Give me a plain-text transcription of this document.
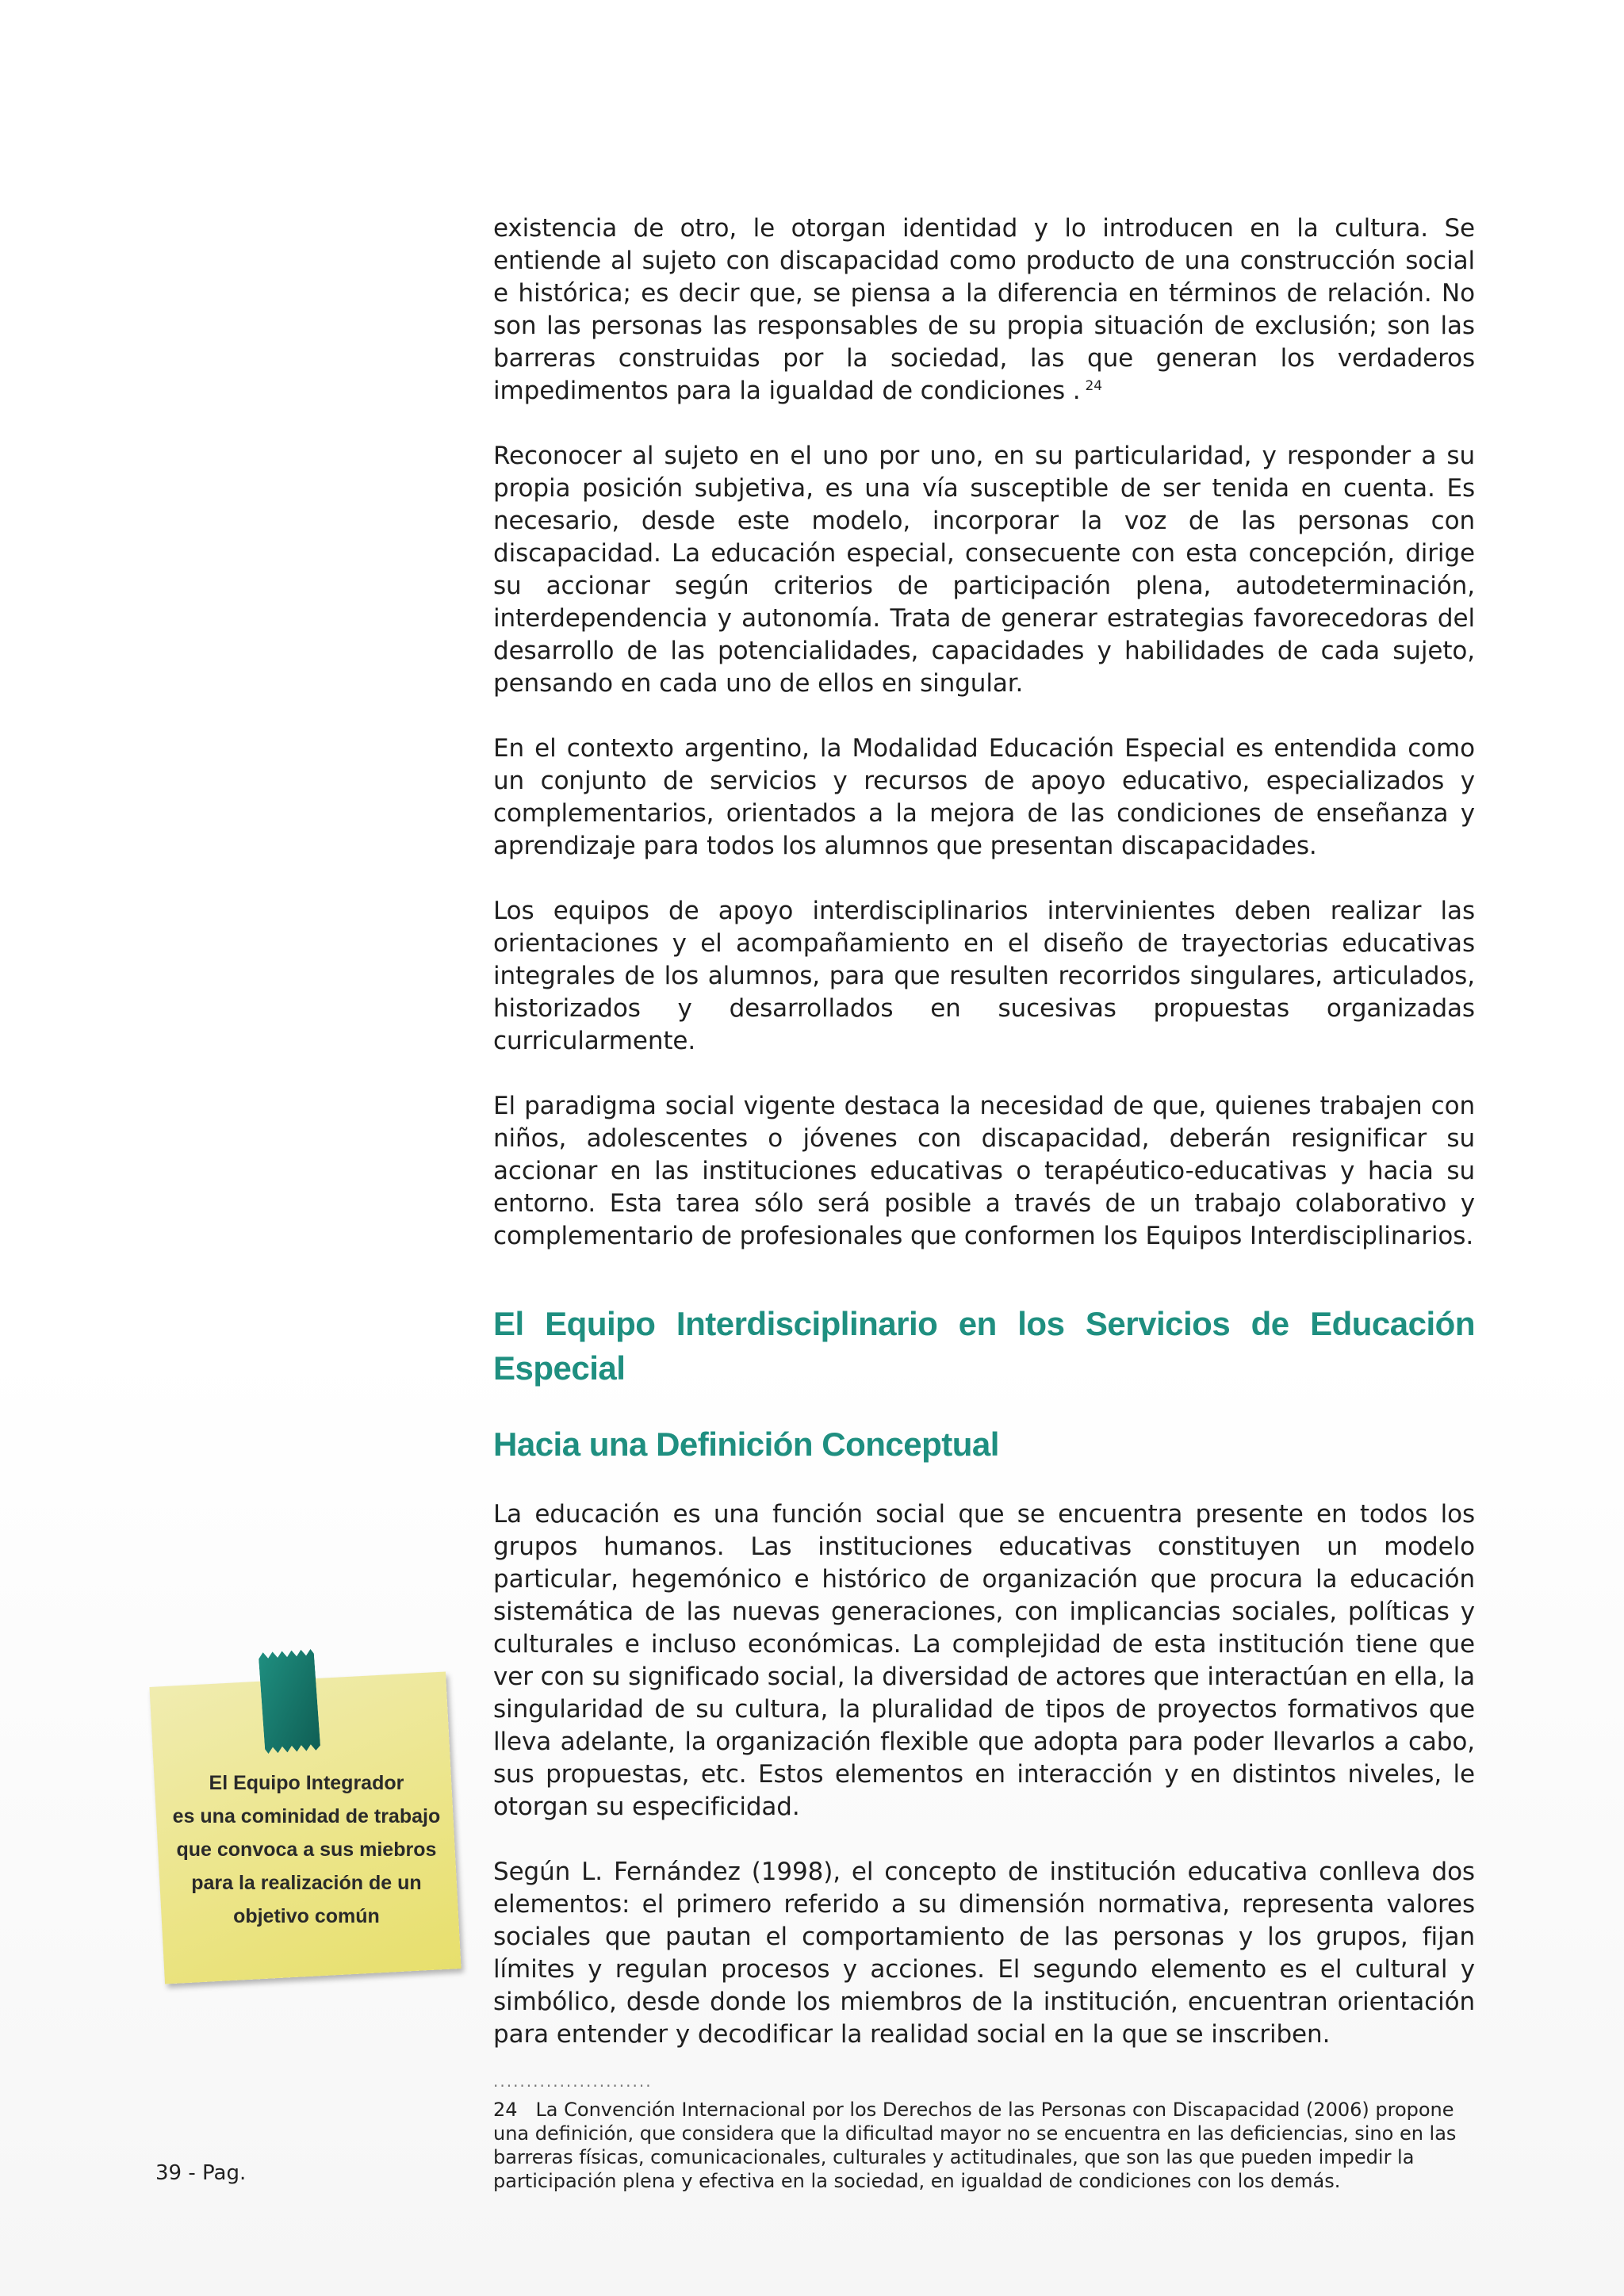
existencia de otro, le otorgan identidad y lo introducen en la cultura. Se entiende al sujeto con discapacidad como producto de una construcción social e histórica; es decir que, se piensa a la diferencia en términos de relación. No son las personas las responsables de su propia situación de exclusión; son las barreras construidas por la sociedad, las que generan los verdaderos impedimentos para la igualdad de condiciones . $^{24}$

Reconocer al sujeto en el uno por uno, en su particularidad, y responder a su propia posición subjetiva, es una vía susceptible de ser tenida en cuenta. Es necesario, desde este modelo, incorporar la voz de las personas con discapacidad. La educación especial, consecuente con esta concepción, dirige su accionar según criterios de participación plena, autodeterminación, interdependencia y autonomía. Trata de generar estrategias favorecedoras del desarrollo de las potencialidades, capacidades y habilidades de cada sujeto, pensando en cada uno de ellos en singular.

En el contexto argentino, la Modalidad Educación Especial es entendida como un conjunto de servicios y recursos de apoyo educativo, especializados y complementarios, orientados a la mejora de las condiciones de enseñanza y aprendizaje para todos los alumnos que presentan discapacidades.

Los equipos de apoyo interdisciplinarios intervinientes deben realizar las orientaciones y el acompañamiento en el diseño de trayectorias educativas integrales de los alumnos, para que resulten recorridos singulares, articulados, historizados y desarrollados en sucesivas propuestas organizadas curricularmente.

El paradigma social vigente destaca la necesidad de que, quienes trabajen con niños, adolescentes o jóvenes con discapacidad, deberán resignificar su accionar en las instituciones educativas o terapéutico-educativas y hacia su entorno. Esta tarea sólo será posible a través de un trabajo colaborativo y complementario de profesionales que conformen los Equipos Interdisciplinarios.

El Equipo Interdisciplinario en los Servicios de Educación Especial
Hacia una Definición Conceptual

La educación es una función social que se encuentra presente en todos los grupos humanos. Las instituciones educativas constituyen un modelo particular, hegemónico e histórico de organización que procura la educación sistemática de las nuevas generaciones, con implicancias sociales, políticas y culturales e incluso económicas. La complejidad de esta institución tiene que ver con su significado social, la diversidad de actores que interactúan en ella, la singularidad de su cultura, la pluralidad de tipos de proyectos formativos que lleva adelante, la organización flexible que adopta para poder llevarlos a cabo, sus propuestas, etc. Estos elementos en interacción y en distintos niveles, le otorgan su especificidad.

Según L. Fernández (1998), el concepto de institución educativa conlleva dos elementos: el primero referido a su dimensión normativa, representa valores sociales que pautan el comportamiento de las personas y los grupos, fijan límites y regulan procesos y acciones. El segundo elemento es el cultural y simbólico, desde donde los miembros de la institución, encuentran orientación para entender y decodificar la realidad social en la que se inscriben.

El Equipo Integrador
es una cominidad de trabajo
que convoca a sus miebros
para la realización de un
objetivo común
........................
24 La Convención Internacional por los Derechos de las Personas con Discapacidad (2006) propone una definición, que considera que la dificultad mayor no se encuentra en las deficiencias, sino en las barreras físicas, comunicacionales, culturales y actitudinales, que son las que pueden impedir la participación plena y efectiva en la sociedad, en igualdad de condiciones con los demás.
39 - Pag.
